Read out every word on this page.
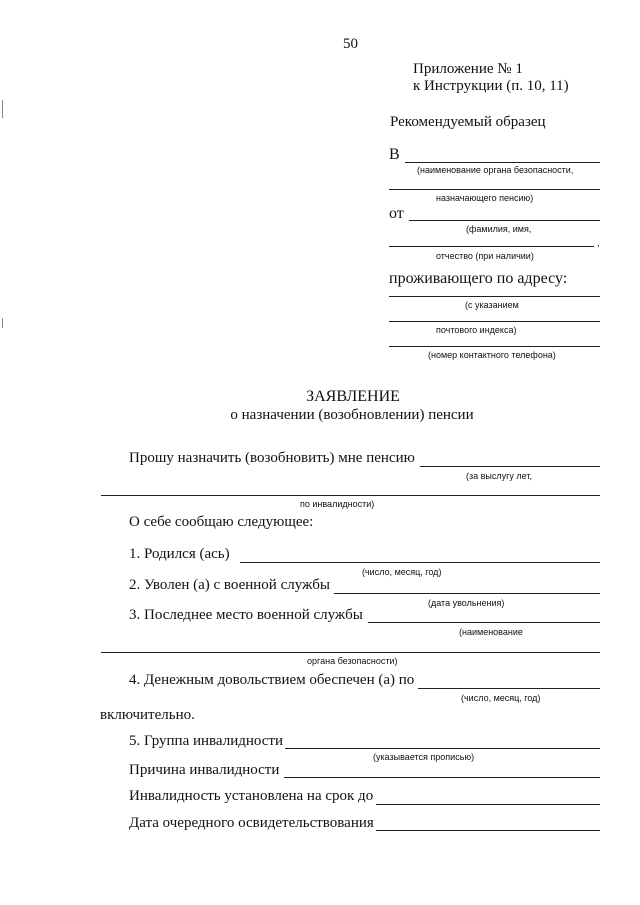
50
Приложение № 1
к Инструкции (п. 10, 11)
Рекомендуемый образец
В
(наименование органа безопасности,
назначающего пенсию)
от
(фамилия, имя,
,
отчество (при наличии)
проживающего по адресу:
(с указанием
почтового индекса)
(номер контактного телефона)
ЗАЯВЛЕНИЕ
о назначении (возобновлении) пенсии
Прошу назначить (возобновить) мне пенсию
(за выслугу лет,
по инвалидности)
О себе сообщаю следующее:
1. Родился (ась)
(число, месяц, год)
2. Уволен (а) с военной службы
(дата увольнения)
3. Последнее место военной службы
(наименование
органа безопасности)
4. Денежным довольствием обеспечен (а) по
(число, месяц, год)
включительно.
5. Группа инвалидности
(указывается прописью)
Причина инвалидности
Инвалидность установлена на срок до
Дата очередного освидетельствования
